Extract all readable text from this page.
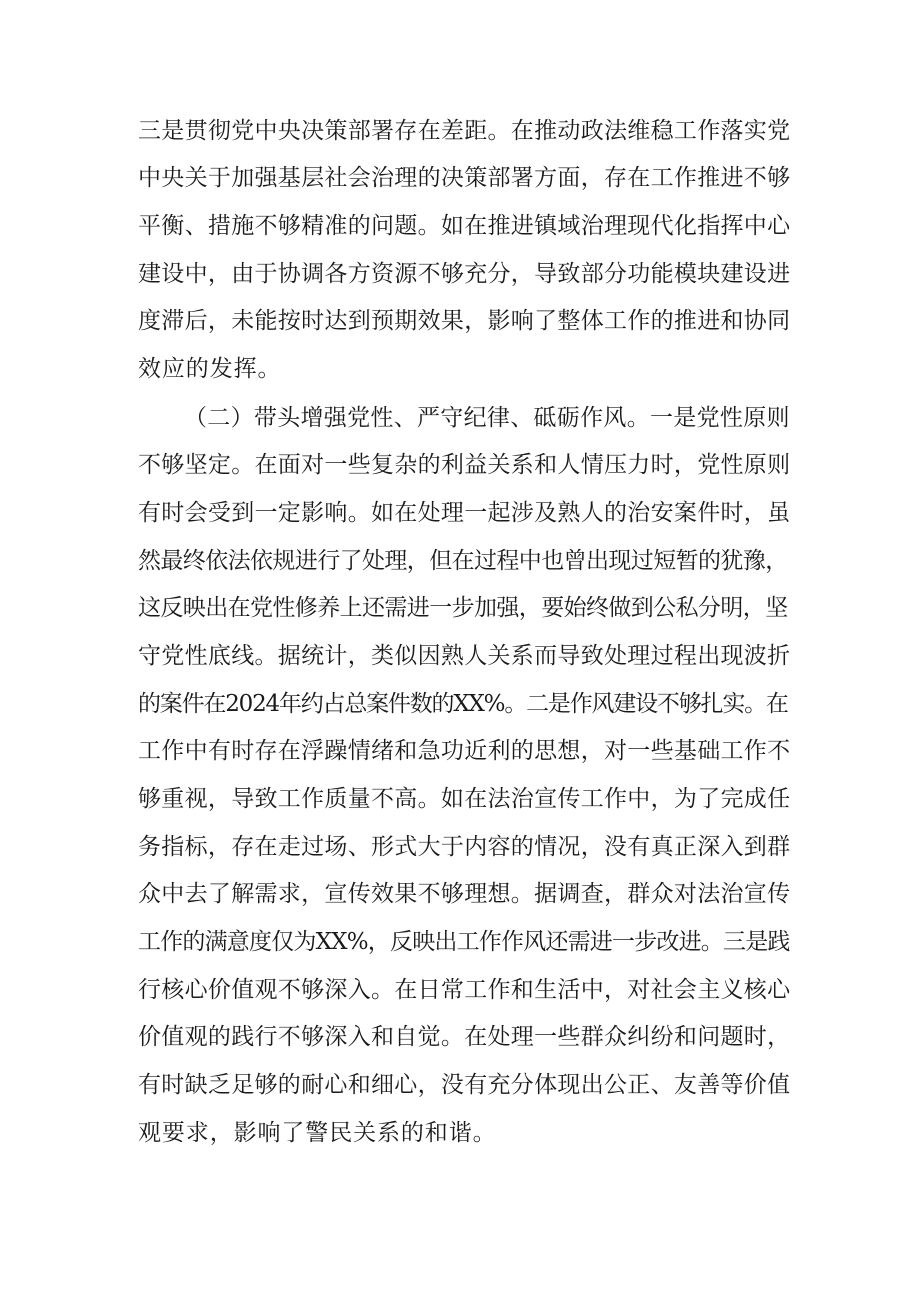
三是贯彻党中央决策部署存在差距。在推动政法维稳工作落实党
中央关于加强基层社会治理的决策部署方面，存在工作推进不够
平衡、措施不够精准的问题。如在推进镇域治理现代化指挥中心
建设中，由于协调各方资源不够充分，导致部分功能模块建设进
度滞后，未能按时达到预期效果，影响了整体工作的推进和协同
效应的发挥。
（二）带头增强党性、严守纪律、砥砺作风。一是党性原则
不够坚定。在面对一些复杂的利益关系和人情压力时，党性原则
有时会受到一定影响。如在处理一起涉及熟人的治安案件时，虽
然最终依法依规进行了处理，但在过程中也曾出现过短暂的犹豫，
这反映出在党性修养上还需进一步加强，要始终做到公私分明，坚
守党性底线。据统计，类似因熟人关系而导致处理过程出现波折
的案件在2024年约占总案件数的XX%。二是作风建设不够扎实。在
工作中有时存在浮躁情绪和急功近利的思想，对一些基础工作不
够重视，导致工作质量不高。如在法治宣传工作中，为了完成任
务指标，存在走过场、形式大于内容的情况，没有真正深入到群
众中去了解需求，宣传效果不够理想。据调查，群众对法治宣传
工作的满意度仅为XX%，反映出工作作风还需进一步改进。三是践
行核心价值观不够深入。在日常工作和生活中，对社会主义核心
价值观的践行不够深入和自觉。在处理一些群众纠纷和问题时，
有时缺乏足够的耐心和细心，没有充分体现出公正、友善等价值
观要求，影响了警民关系的和谐。
